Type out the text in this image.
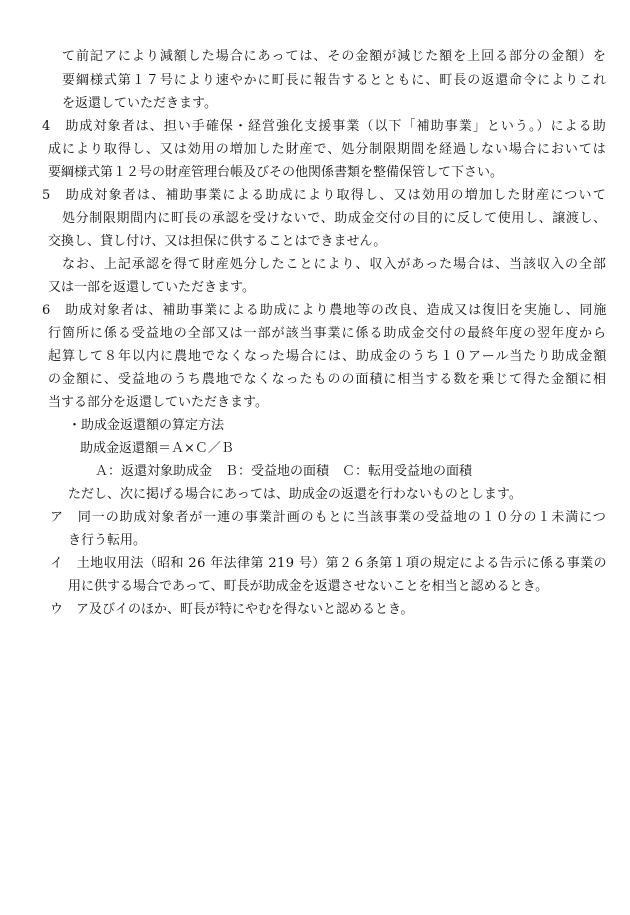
て前記アにより減額した場合にあっては、その金額が減じた額を上回る部分の金額）を
要綱様式第１７号により速やかに町長に報告するとともに、町長の返還命令によりこれ
を返還していただきます。
4　助成対象者は、担い手確保・経営強化支援事業（以下「補助事業」という。）による助
成により取得し、又は効用の増加した財産で、処分制限期間を経過しない場合においては
要綱様式第１２号の財産管理台帳及びその他関係書類を整備保管して下さい。
5　助成対象者は、補助事業による助成により取得し、又は効用の増加した財産について
処分制限期間内に町長の承認を受けないで、助成金交付の目的に反して使用し、譲渡し、
交換し、貸し付け、又は担保に供することはできません。
なお、上記承認を得て財産処分したことにより、収入があった場合は、当該収入の全部
又は一部を返還していただきます。
6　助成対象者は、補助事業による助成により農地等の改良、造成又は復旧を実施し、同施
行箇所に係る受益地の全部又は一部が該当事業に係る助成金交付の最終年度の翌年度から
起算して８年以内に農地でなくなった場合には、助成金のうち１０アール当たり助成金額
の金額に、受益地のうち農地でなくなったものの面積に相当する数を乗じて得た金額に相
当する部分を返還していただきます。
・助成金返還額の算定方法
助成金返還額＝Ａ×Ｃ／Ｂ
Ａ：返還対象助成金　Ｂ：受益地の面積　Ｃ：転用受益地の面積
ただし、次に掲げる場合にあっては、助成金の返還を行わないものとします。
ア　同一の助成対象者が一連の事業計画のもとに当該事業の受益地の１０分の１未満につ
き行う転用。
イ　土地収用法（昭和 26 年法律第 219 号）第２６条第１項の規定による告示に係る事業の
用に供する場合であって、町長が助成金を返還させないことを相当と認めるとき。
ウ　ア及びイのほか、町長が特にやむを得ないと認めるとき。
